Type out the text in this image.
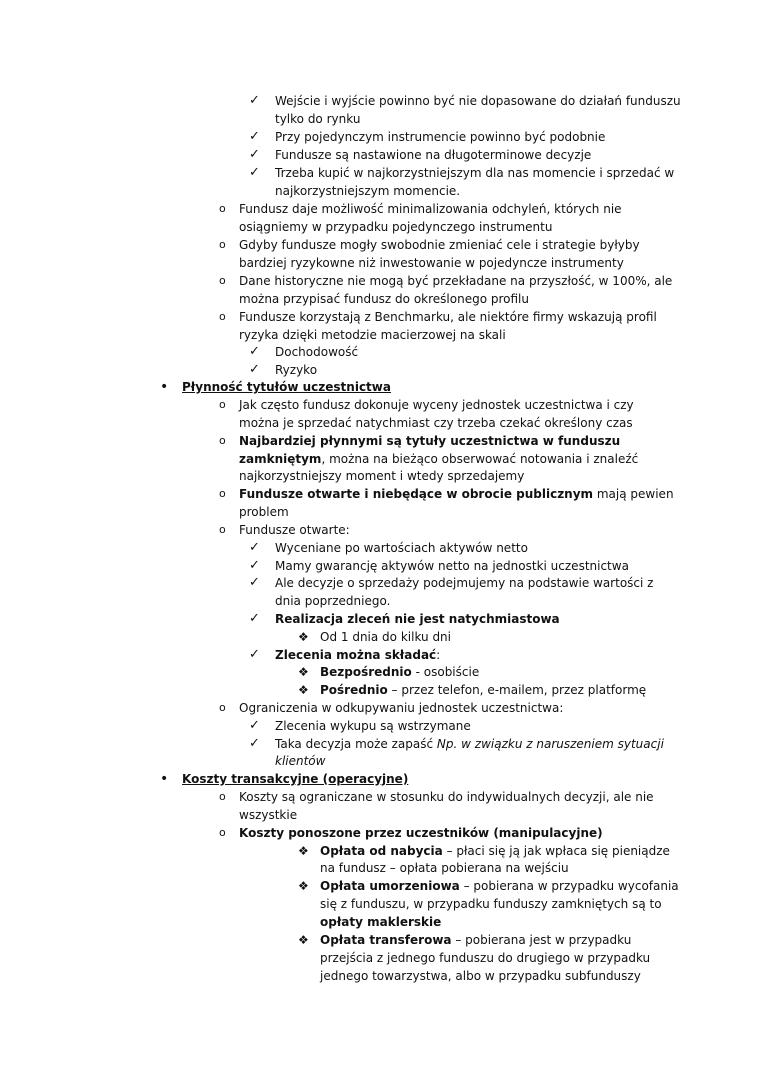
✓ Wejście i wyjście powinno być nie dopasowane do działań funduszu
tylko do rynku
✓ Przy pojedynczym instrumencie powinno być podobnie
✓ Fundusze są nastawione na długoterminowe decyzje
✓ Trzeba kupić w najkorzystniejszym dla nas momencie i sprzedać w
najkorzystniejszym momencie.
o Fundusz daje możliwość minimalizowania odchyleń, których nie
osiągniemy w przypadku pojedynczego instrumentu
o Gdyby fundusze mogły swobodnie zmieniać cele i strategie byłyby
bardziej ryzykowne niż inwestowanie w pojedyncze instrumenty
o Dane historyczne nie mogą być przekładane na przyszłość, w 100%, ale
można przypisać fundusz do określonego profilu
o Fundusze korzystają z Benchmarku, ale niektóre firmy wskazują profil
ryzyka dzięki metodzie macierzowej na skali
✓ Dochodowość
✓ Ryzyko
• Płynność tytułów uczestnictwa
o Jak często fundusz dokonuje wyceny jednostek uczestnictwa i czy
można je sprzedać natychmiast czy trzeba czekać określony czas
o Najbardziej płynnymi są tytuły uczestnictwa w funduszu
zamkniętym, można na bieżąco obserwować notowania i znaleźć
najkorzystniejszy moment i wtedy sprzedajemy
o Fundusze otwarte i niebędące w obrocie publicznym mają pewien
problem
o Fundusze otwarte:
✓ Wyceniane po wartościach aktywów netto
✓ Mamy gwarancję aktywów netto na jednostki uczestnictwa
✓ Ale decyzje o sprzedaży podejmujemy na podstawie wartości z
dnia poprzedniego.
✓ Realizacja zleceń nie jest natychmiastowa
❖ Od 1 dnia do kilku dni
✓ Zlecenia można składać:
❖ Bezpośrednio - osobiście
❖ Pośrednio – przez telefon, e-mailem, przez platformę
o Ograniczenia w odkupywaniu jednostek uczestnictwa:
✓ Zlecenia wykupu są wstrzymane
✓ Taka decyzja może zapaść Np. w związku z naruszeniem sytuacji
klientów
• Koszty transakcyjne (operacyjne)
o Koszty są ograniczane w stosunku do indywidualnych decyzji, ale nie
wszystkie
o Koszty ponoszone przez uczestników (manipulacyjne)
❖ Opłata od nabycia – płaci się ją jak wpłaca się pieniądze
na fundusz – opłata pobierana na wejściu
❖ Opłata umorzeniowa – pobierana w przypadku wycofania
się z funduszu, w przypadku funduszy zamkniętych są to
opłaty maklerskie
❖ Opłata transferowa – pobierana jest w przypadku
przejścia z jednego funduszu do drugiego w przypadku
jednego towarzystwa, albo w przypadku subfunduszy
